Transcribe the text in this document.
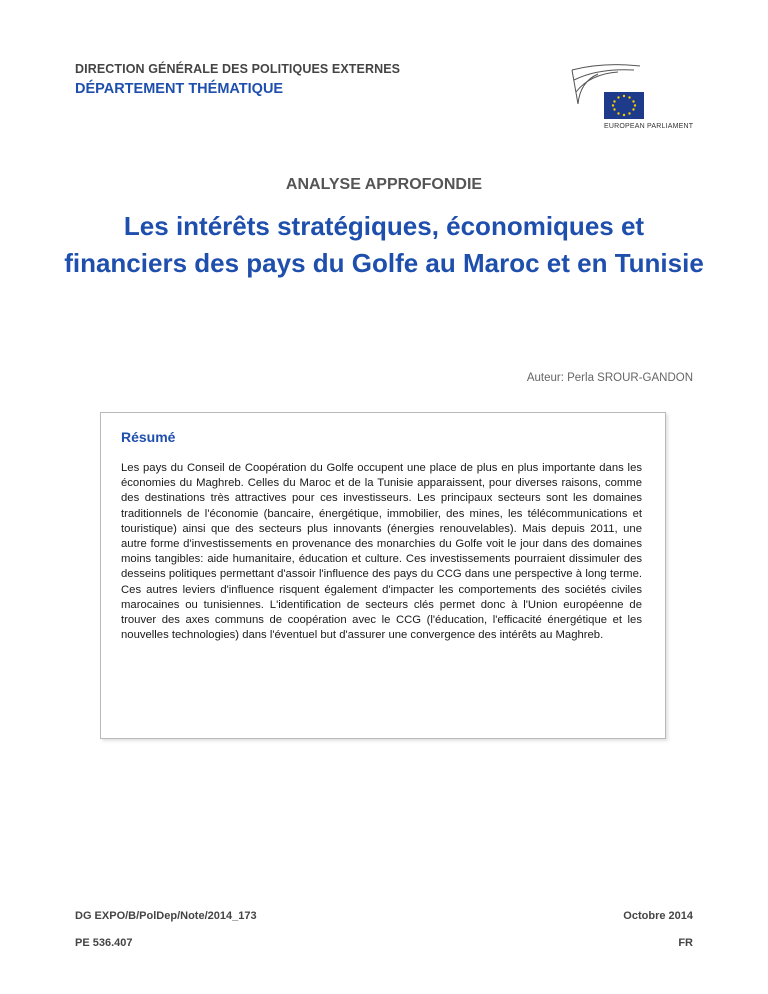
DIRECTION GÉNÉRALE DES POLITIQUES EXTERNES
DÉPARTEMENT THÉMATIQUE
EUROPEAN PARLIAMENT
ANALYSE APPROFONDIE
Les intérêts stratégiques, économiques et financiers des pays du Golfe au Maroc et en Tunisie
Auteur: Perla SROUR-GANDON
Résumé
Les pays du Conseil de Coopération du Golfe occupent une place de plus en plus importante dans les économies du Maghreb. Celles du Maroc et de la Tunisie apparaissent, pour diverses raisons, comme des destinations très attractives pour ces investisseurs. Les principaux secteurs sont les domaines traditionnels de l'économie (bancaire, énergétique, immobilier, des mines, les télécommunications et touristique) ainsi que des secteurs plus innovants (énergies renouvelables). Mais depuis 2011, une autre forme d'investissements en provenance des monarchies du Golfe voit le jour dans des domaines moins tangibles: aide humanitaire, éducation et culture. Ces investissements pourraient dissimuler des desseins politiques permettant d'assoir l'influence des pays du CCG dans une perspective à long terme. Ces autres leviers d'influence risquent également d'impacter les comportements des sociétés civiles marocaines ou tunisiennes. L'identification de secteurs clés permet donc à l'Union européenne de trouver des axes communs de coopération avec le CCG (l'éducation, l'efficacité énergétique et les nouvelles technologies) dans l'éventuel but d'assurer une convergence des intérêts au Maghreb.
DG EXPO/B/PolDep/Note/2014_173	Octobre 2014
PE 536.407	FR
